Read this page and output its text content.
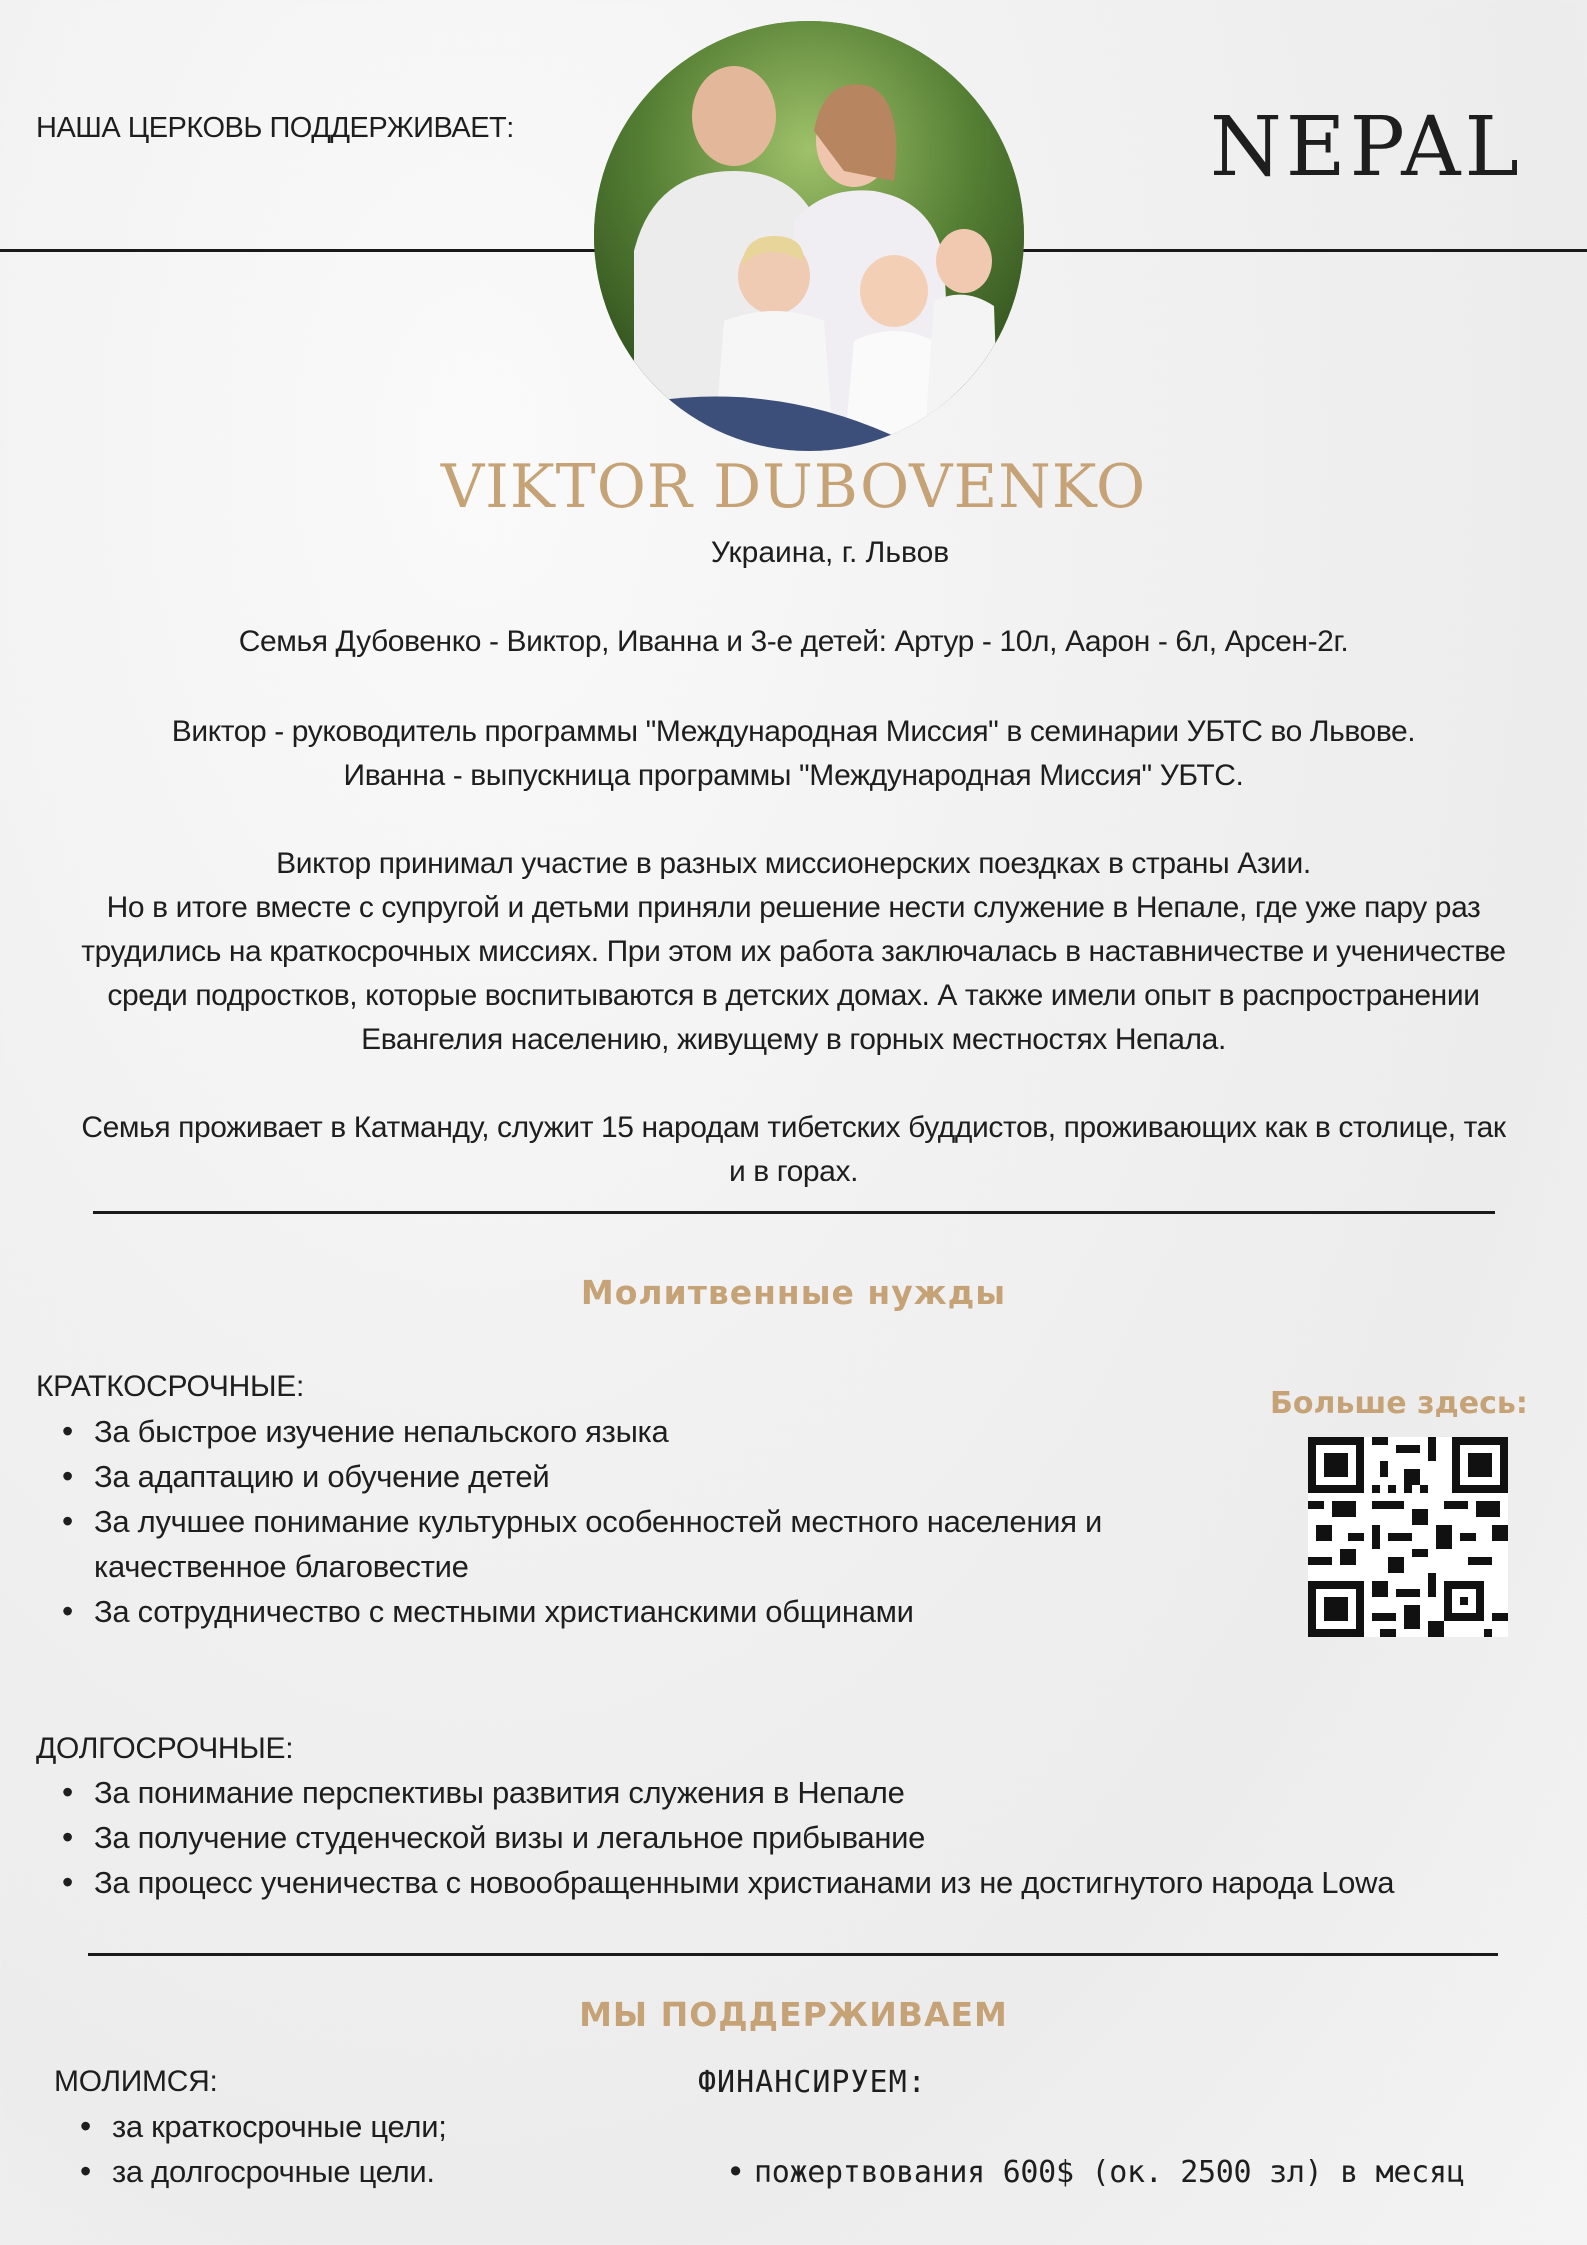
НАША ЦЕРКОВЬ ПОДДЕРЖИВАЕТ:	NEPAL
VIKTOR DUBOVENKO
Украина, г. Львов
Семья Дубовенко - Виктор, Иванна и 3-е детей: Артур - 10л, Аарон - 6л, Арсен-2г.
Виктор - руководитель программы "Международная Миссия" в семинарии УБТС во Львове.
Иванна - выпускница программы "Международная Миссия" УБТС.
Виктор принимал участие в разных миссионерских поездках в страны Азии.
Но в итоге вместе с супругой и детьми приняли решение нести служение в Непале, где уже пару раз
трудились на краткосрочных миссиях. При этом их работа заключалась в наставничестве и ученичестве
среди подростков, которые воспитываются в детских домах. А также имели опыт в распространении
Евангелия населению, живущему в горных местностях Непала.
Семья проживает в Катманду, служит 15 народам тибетских буддистов, проживающих как в столице, так
и в горах.
Молитвенные нужды
КРАТКОСРОЧНЫЕ:
• За быстрое изучение непальского языка
• За адаптацию и обучение детей
• За лучшее понимание культурных особенностей местного населения и качественное благовестие
• За сотрудничество с местными христианскими общинами
Больше здесь:
ДОЛГОСРОЧНЫЕ:
• За понимание перспективы развития служения в Непале
• За получение студенческой визы и легальное прибывание
• За процесс ученичества с новообращенными христианами из не достигнутого народа Lowa
МЫ ПОДДЕРЖИВАЕМ
МОЛИМСЯ:
• за краткосрочные цели;
• за долгосрочные цели.
ФИНАНСИРУЕМ:
• пожертвования 600$ (ок. 2500 зл) в месяц
